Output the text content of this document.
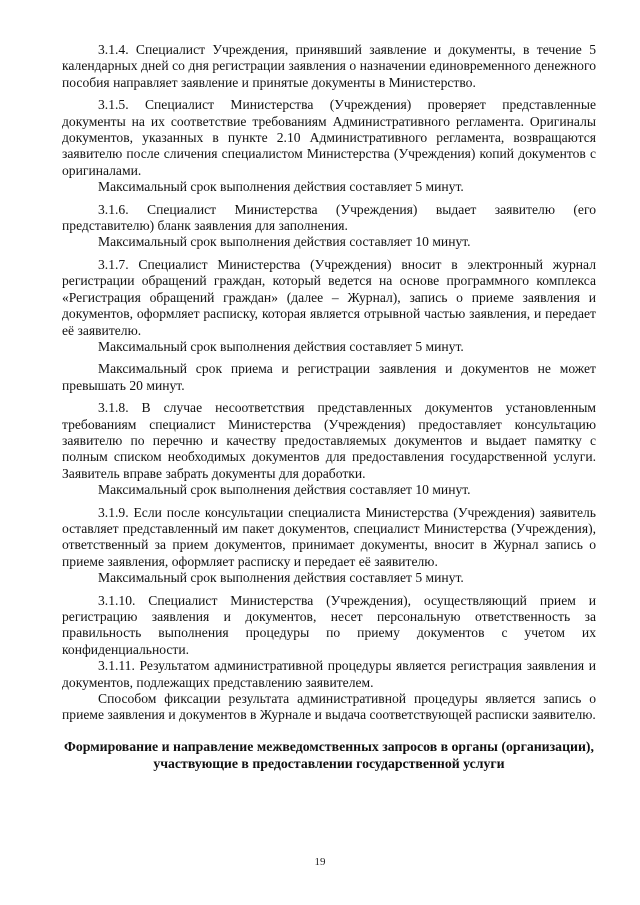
3.1.4. Специалист Учреждения, принявший заявление и документы, в течение 5 календарных дней со дня регистрации заявления о назначении единовременного денежного пособия направляет заявление и принятые документы в Министерство.

3.1.5. Специалист Министерства (Учреждения) проверяет представленные документы на их соответствие требованиям Административного регламента. Оригиналы документов, указанных в пункте 2.10 Административного регламента, возвращаются заявителю после сличения специалистом Министерства (Учреждения) копий документов с оригиналами.

Максимальный срок выполнения действия составляет 5 минут.

3.1.6. Специалист Министерства (Учреждения) выдает заявителю (его представителю) бланк заявления для заполнения.

Максимальный срок выполнения действия составляет 10 минут.

3.1.7. Специалист Министерства (Учреждения) вносит в электронный журнал регистрации обращений граждан, который ведется на основе программного комплекса «Регистрация обращений граждан» (далее – Журнал), запись о приеме заявления и документов, оформляет расписку, которая является отрывной частью заявления, и передает её заявителю.

Максимальный срок выполнения действия составляет 5 минут.

Максимальный срок приема и регистрации заявления и документов не может превышать 20 минут.

3.1.8. В случае несоответствия представленных документов установленным требованиям специалист Министерства (Учреждения) предоставляет консультацию заявителю по перечню и качеству предоставляемых документов и выдает памятку с полным списком необходимых документов для предоставления государственной услуги. Заявитель вправе забрать документы для доработки.

Максимальный срок выполнения действия составляет 10 минут.

3.1.9. Если после консультации специалиста Министерства (Учреждения) заявитель оставляет представленный им пакет документов, специалист Министерства (Учреждения), ответственный за прием документов, принимает документы, вносит в Журнал запись о приеме заявления, оформляет расписку и передает её заявителю.

Максимальный срок выполнения действия составляет 5 минут.

3.1.10. Специалист Министерства (Учреждения), осуществляющий прием и регистрацию заявления и документов, несет персональную ответственность за правильность выполнения процедуры по приему документов с учетом их конфиденциальности.

3.1.11. Результатом административной процедуры является регистрация заявления и документов, подлежащих представлению заявителем.

Способом фиксации результата административной процедуры является запись о приеме заявления и документов в Журнале и выдача соответствующей расписки заявителю.

Формирование и направление межведомственных запросов в органы (организации), участвующие в предоставлении государственной услуги

19
